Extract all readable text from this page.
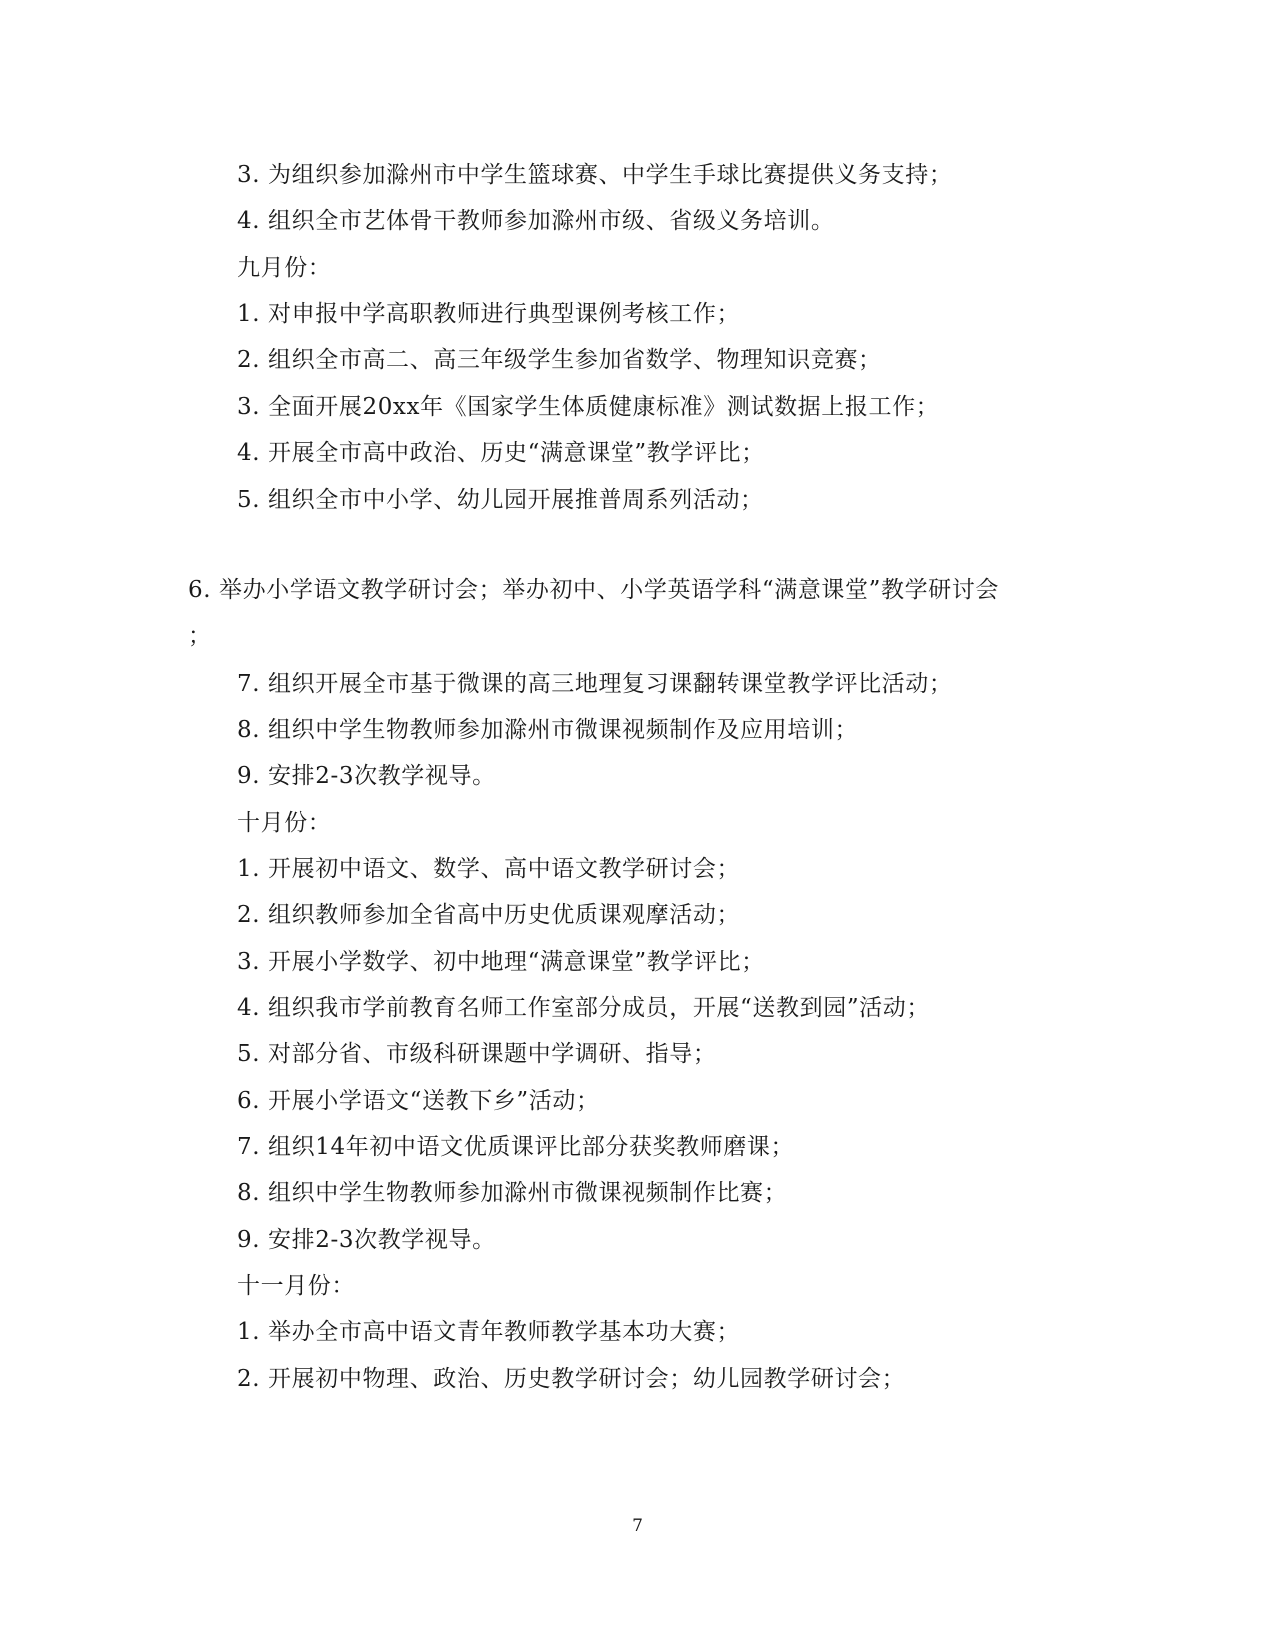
3. 为组织参加滁州市中学生篮球赛、中学生手球比赛提供义务支持；
4. 组织全市艺体骨干教师参加滁州市级、省级义务培训。
九月份：
1. 对申报中学高职教师进行典型课例考核工作；
2. 组织全市高二、高三年级学生参加省数学、物理知识竞赛；
3. 全面开展20xx年《国家学生体质健康标准》测试数据上报工作；
4. 开展全市高中政治、历史“满意课堂”教学评比；
5. 组织全市中小学、幼儿园开展推普周系列活动；
6. 举办小学语文教学研讨会；举办初中、小学英语学科“满意课堂”教学研讨会
；
7. 组织开展全市基于微课的高三地理复习课翻转课堂教学评比活动；
8. 组织中学生物教师参加滁州市微课视频制作及应用培训；
9. 安排2-3次教学视导。
十月份：
1. 开展初中语文、数学、高中语文教学研讨会；
2. 组织教师参加全省高中历史优质课观摩活动；
3. 开展小学数学、初中地理“满意课堂”教学评比；
4. 组织我市学前教育名师工作室部分成员，开展“送教到园”活动；
5. 对部分省、市级科研课题中学调研、指导；
6. 开展小学语文“送教下乡”活动；
7. 组织14年初中语文优质课评比部分获奖教师磨课；
8. 组织中学生物教师参加滁州市微课视频制作比赛；
9. 安排2-3次教学视导。
十一月份：
1. 举办全市高中语文青年教师教学基本功大赛；
2. 开展初中物理、政治、历史教学研讨会；幼儿园教学研讨会；
7
